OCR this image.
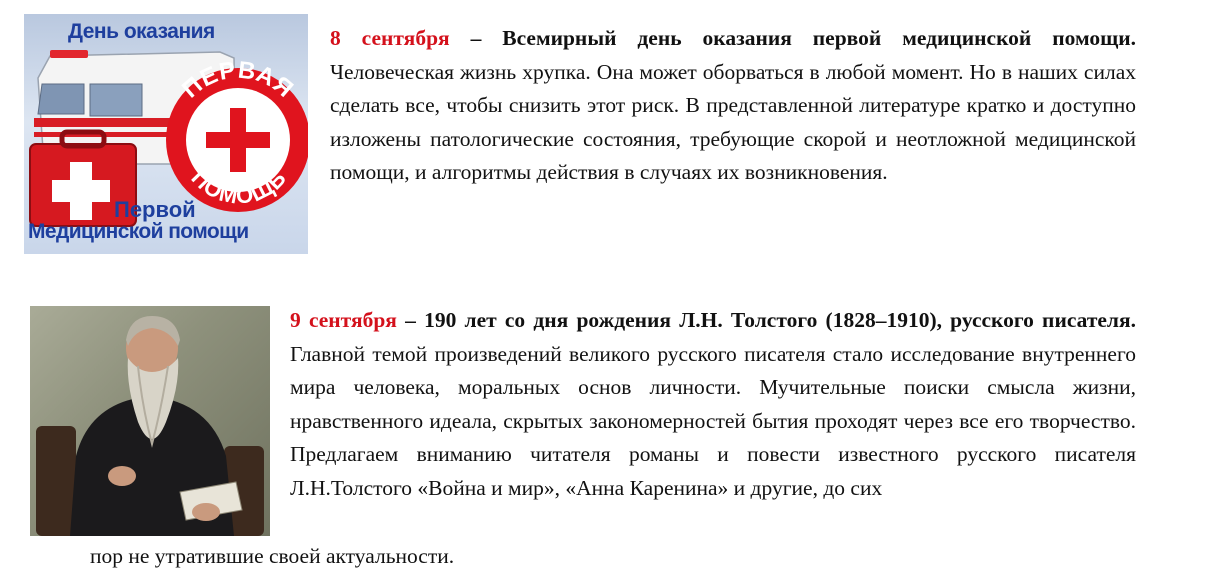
ПЕРВАЯ
ПОМОЩЬ
День оказания
Первой
Медицинской помощи

8 сентября – Всемирный день оказания первой медицинской помощи. Человеческая жизнь хрупка. Она может оборваться в любой момент. Но в наших силах сделать все, чтобы снизить этот риск. В представленной литературе кратко и доступно изложены патологические состояния, требующие скорой и неотложной медицинской помощи, и алгоритмы действия в случаях их возникновения.

9 сентября – 190 лет со дня рождения Л.Н. Толстого (1828–1910), русского писателя. Главной темой произведений великого русского писателя стало исследование внутреннего мира человека, моральных основ личности. Мучительные поиски смысла жизни, нравственного идеала, скрытых закономерностей бытия проходят через все его творчество. Предлагаем вниманию читателя романы и повести известного русского писателя Л.Н.Толстого «Война и мир», «Анна Каренина» и другие, до сих

пор не утратившие своей актуальности.
